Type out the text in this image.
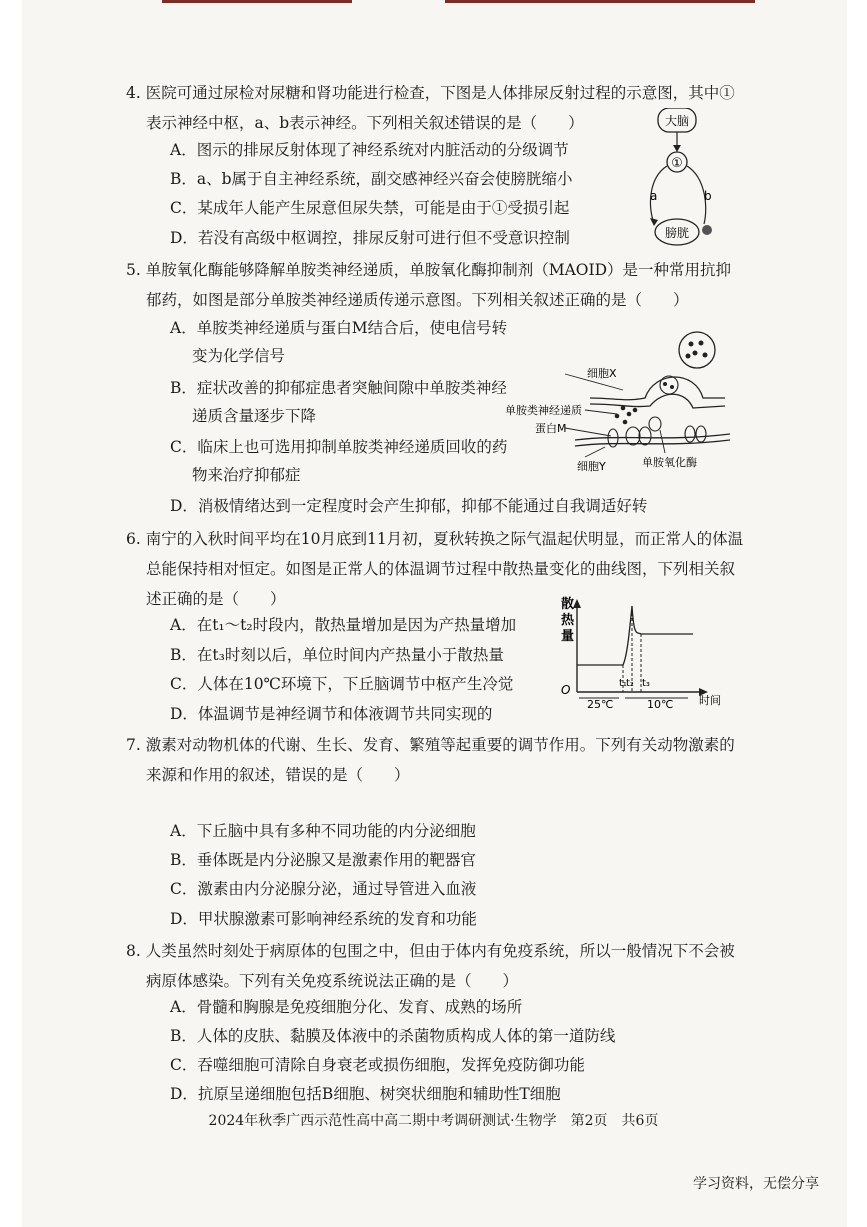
4. 医院可通过尿检对尿糖和肾功能进行检查，下图是人体排尿反射过程的示意图，其中①表示神经中枢，a、b表示神经。下列相关叙述错误的是（　　）

A．图示的排尿反射体现了神经系统对内脏活动的分级调节
B．a、b属于自主神经系统，副交感神经兴奋会使膀胱缩小
C．某成年人能产生尿意但尿失禁，可能是由于①受损引起
D．若没有高级中枢调控，排尿反射可进行但不受意识控制
大脑
①
a	b
膀胱

5. 单胺氧化酶能够降解单胺类神经递质，单胺氧化酶抑制剂（MAOID）是一种常用抗抑郁药，如图是部分单胺类神经递质传递示意图。下列相关叙述正确的是（　　）

A．单胺类神经递质与蛋白M结合后，使电信号转变为化学信号
B．症状改善的抑郁症患者突触间隙中单胺类神经递质含量逐步下降
C．临床上也可选用抑制单胺类神经递质回收的药物来治疗抑郁症
D．消极情绪达到一定程度时会产生抑郁，抑郁不能通过自我调适好转
细胞X
单胺类神经递质
蛋白M
细胞Y	单胺氧化酶

6. 南宁的入秋时间平均在10月底到11月初，夏秋转换之际气温起伏明显，而正常人的体温总能保持相对恒定。如图是正常人的体温调节过程中散热量变化的曲线图，下列相关叙述正确的是（　　）

A．在t₁～t₂时段内，散热量增加是因为产热量增加
B．在t₃时刻以后，单位时间内产热量小于散热量
C．人体在10℃环境下，下丘脑调节中枢产生冷觉
D．体温调节是神经调节和体液调节共同实现的
散 热 量
O
时间
t₁ t₂ t₃
25℃	10℃

7. 激素对动物机体的代谢、生长、发育、繁殖等起重要的调节作用。下列有关动物激素的来源和作用的叙述，错误的是（　　）

A．下丘脑中具有多种不同功能的内分泌细胞
B．垂体既是内分泌腺又是激素作用的靶器官
C．激素由内分泌腺分泌，通过导管进入血液
D．甲状腺激素可影响神经系统的发育和功能

8. 人类虽然时刻处于病原体的包围之中，但由于体内有免疫系统，所以一般情况下不会被病原体感染。下列有关免疫系统说法正确的是（　　）

A．骨髓和胸腺是免疫细胞分化、发育、成熟的场所
B．人体的皮肤、黏膜及体液中的杀菌物质构成人体的第一道防线
C．吞噬细胞可清除自身衰老或损伤细胞，发挥免疫防御功能
D．抗原呈递细胞包括B细胞、树突状细胞和辅助性T细胞
2024年秋季广西示范性高中高二期中考调研测试·生物学　第2页　共6页
学习资料，无偿分享
